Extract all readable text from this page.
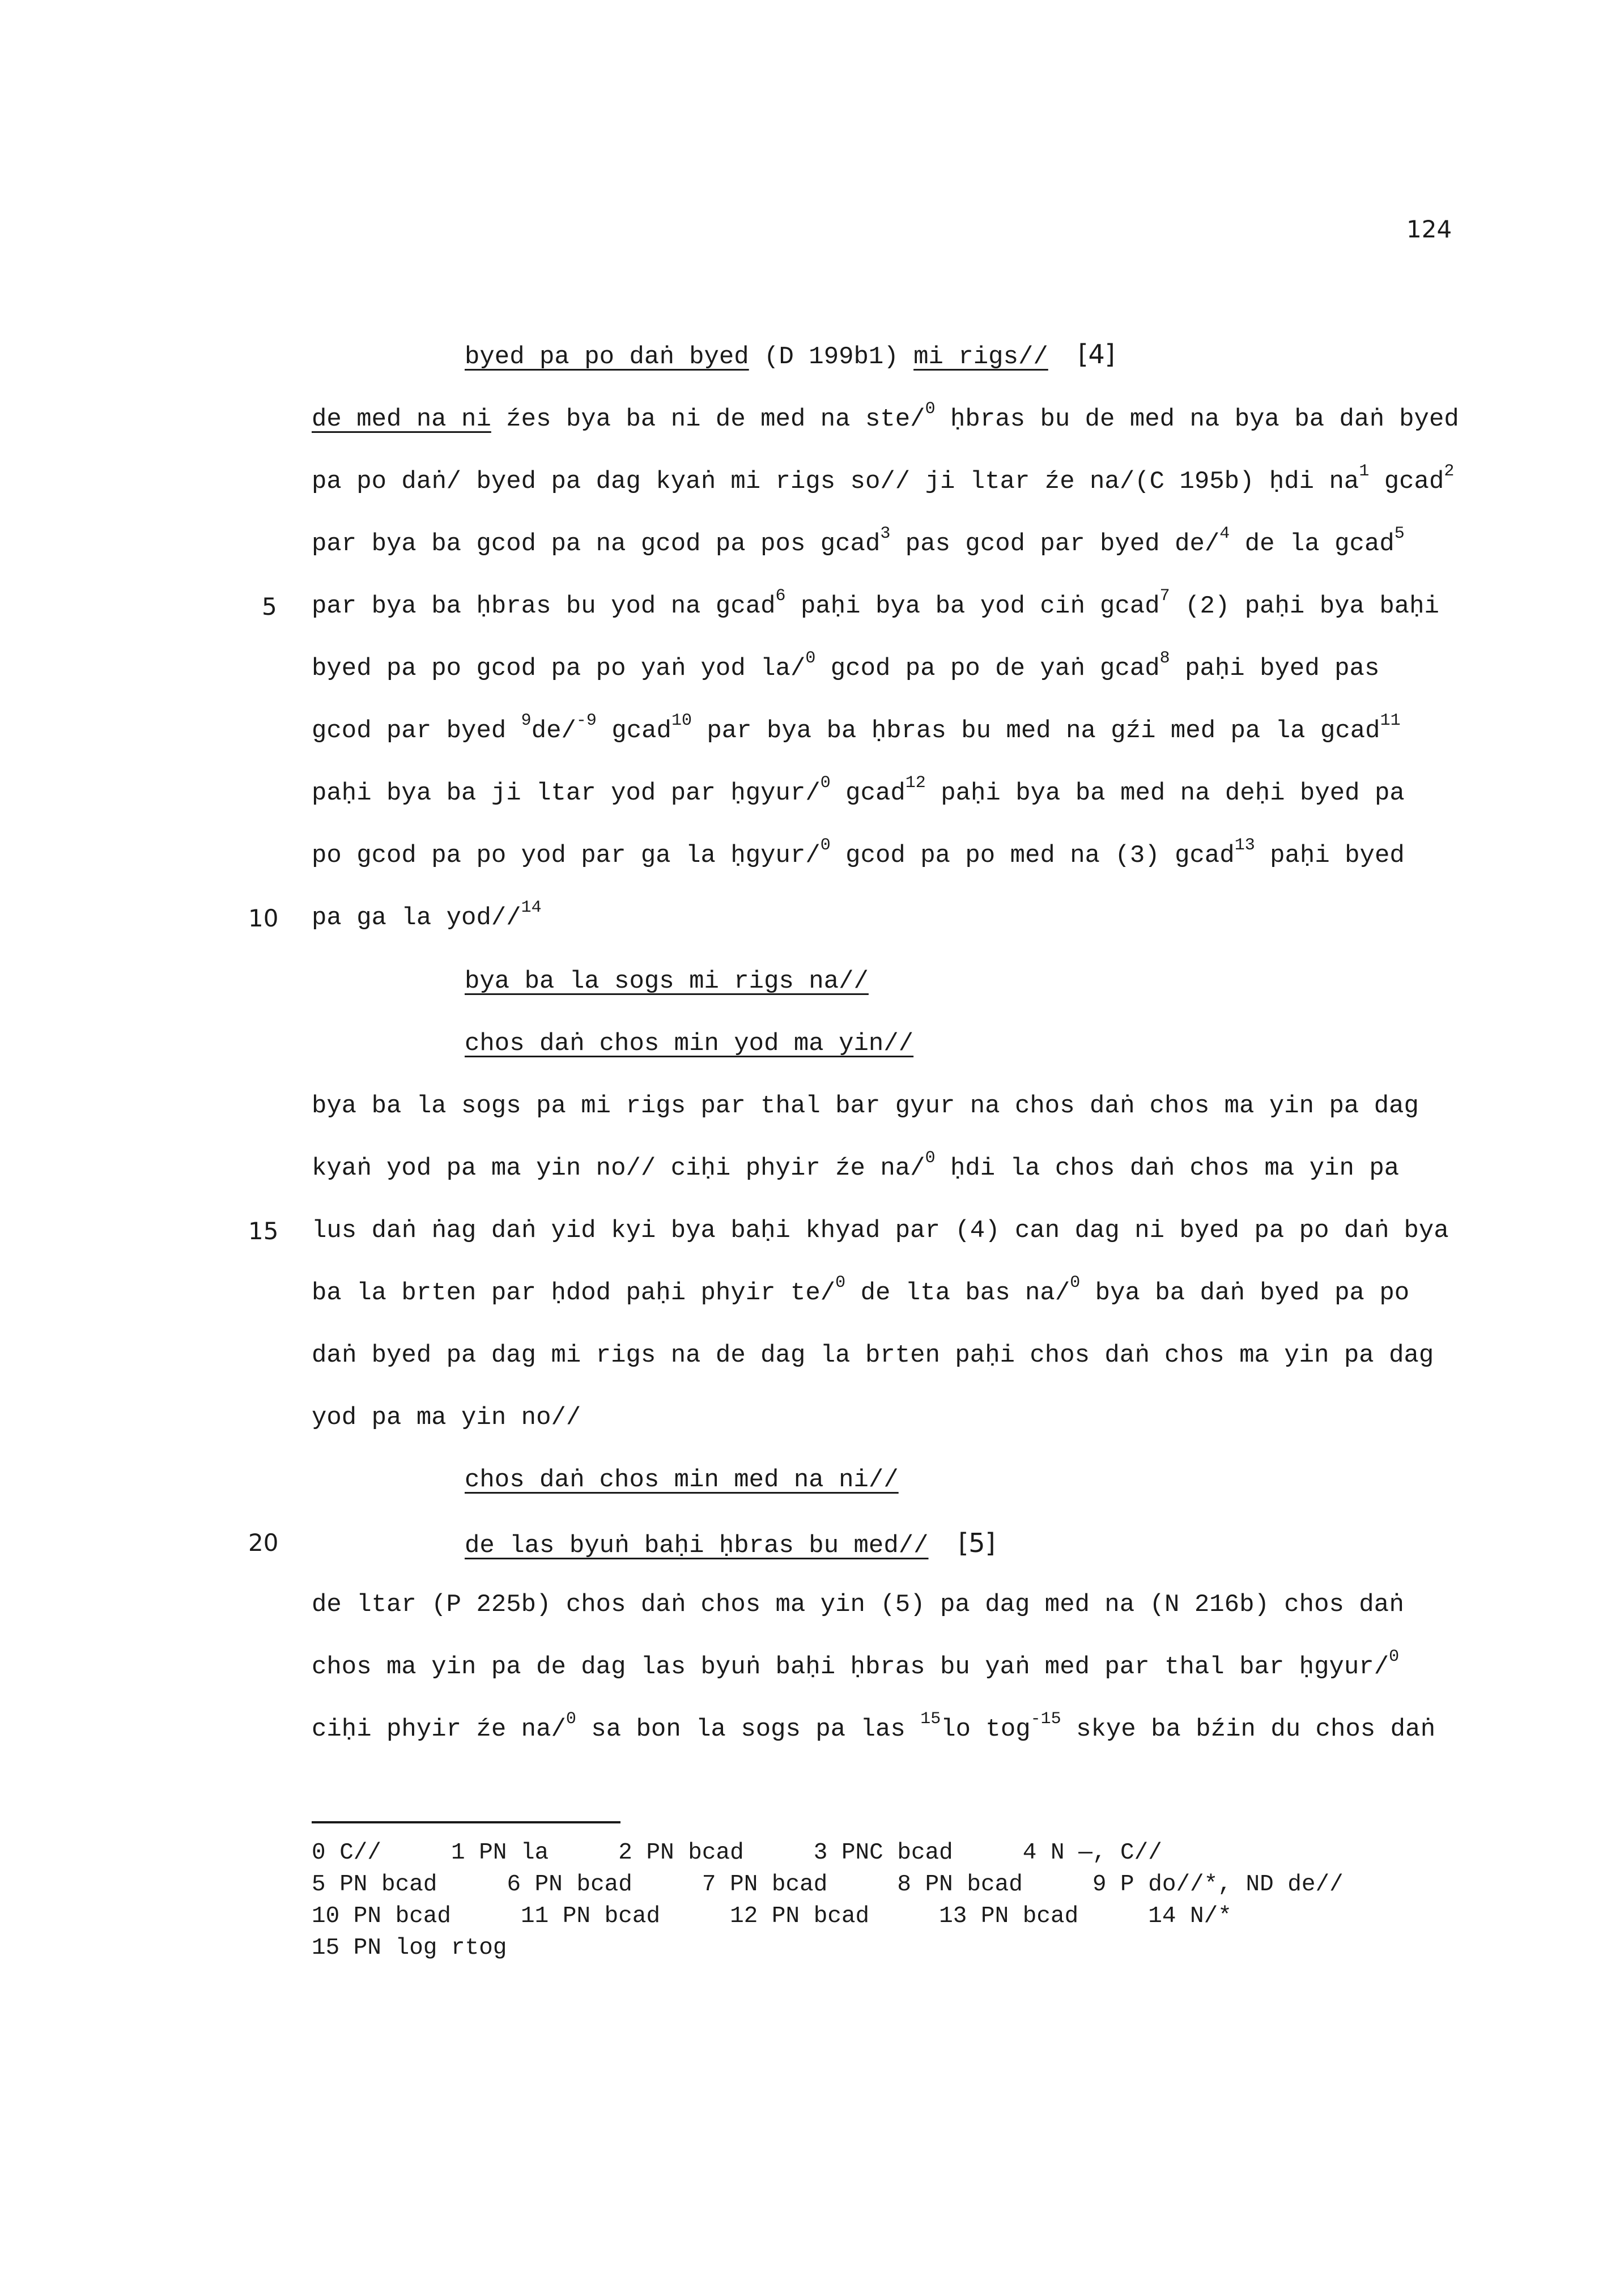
124
byed pa po daṅ byed (D 199b1) mi rigs// [4]
de med na ni źes bya ba ni de med na ste/$^0$ ḥbras bu de med na bya ba daṅ byed
pa po daṅ/ byed pa dag kyaṅ mi rigs so// ji ltar źe na/(C 195b) ḥdi $na^1$ gcad$^2$
par bya ba gcod pa na gcod pa pos gcad$^3$ pas gcod par byed de/$^4$ de la gcad$^5$
5 par bya ba ḥbras bu yod na gcad$^6$ paḥi bya ba yod ciṅ gcad$^7$ (2) paḥi bya baḥi
byed pa po gcod pa po yaṅ yod la/$^0$ gcod pa po de yaṅ gcad$^8$ paḥi byed pas
gcod par byed $^9$de/$^{-9}$ gcad$^{10}$ par bya ba ḥbras bu med na gźi med pa la gcad$^{11}$
paḥi bya ba ji ltar yod par ḥgyur/$^0$ gcad$^{12}$ paḥi bya ba med na deḥi byed pa
po gcod pa po yod par ga la ḥgyur/$^0$ gcod pa po med na (3) gcad$^{13}$ paḥi byed
10 pa ga la yod//$^{14}$
bya ba la sogs mi rigs na//
chos daṅ chos min yod ma yin//
bya ba la sogs pa mi rigs par thal bar gyur na chos daṅ chos ma yin pa dag
kyaṅ yod pa ma yin no// ciḥi phyir źe na/$^0$ ḥdi la chos daṅ chos ma yin pa
15 lus daṅ ṅag daṅ yid kyi bya baḥi khyad par (4) can dag ni byed pa po daṅ bya
ba la brten par ḥdod paḥi phyir te/$^0$ de lta bas na/$^0$ bya ba daṅ byed pa po
daṅ byed pa dag mi rigs na de dag la brten paḥi chos daṅ chos ma yin pa dag
yod pa ma yin no//
chos daṅ chos min med na ni//
20	de las byuṅ baḥi ḥbras bu med// [5]
de ltar (P 225b) chos daṅ chos ma yin (5) pa dag med na (N 216b) chos daṅ
chos ma yin pa de dag las byuṅ baḥi ḥbras bu yaṅ med par thal bar ḥgyur/$^0$
ciḥi phyir źe na/$^0$ sa bon la sogs pa las $^{15}$lo tog$^{-15}$ skye ba bźin du chos daṅ
0 C//     1 PN la     2 PN bcad     3 PNC bcad     4 N —, C//
5 PN bcad     6 PN bcad     7 PN bcad     8 PN bcad     9 P do//*, ND de//
10 PN bcad     11 PN bcad     12 PN bcad     13 PN bcad     14 N/*
15 PN log rtog
